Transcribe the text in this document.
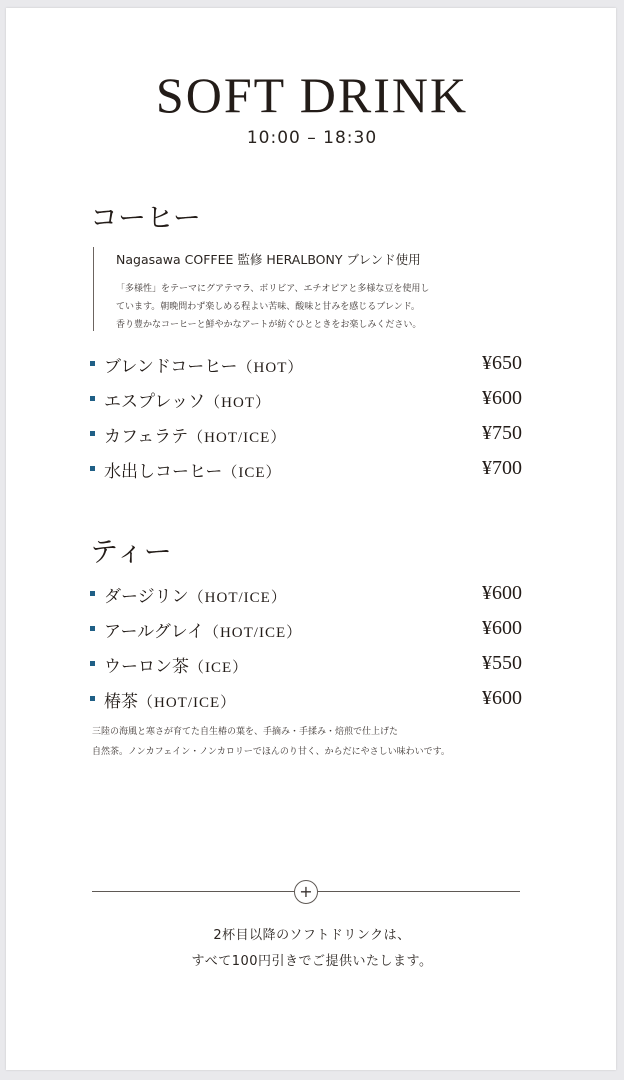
SOFT DRINK
10:00 – 18:30
コーヒー
Nagasawa COFFEE 監修 HERALBONY ブレンド使用
「多様性」をテーマにグアテマラ、ボリビア、エチオピアと多様な豆を使用し
ています。朝晩問わず楽しめる程よい苦味、酸味と甘みを感じるブレンド。
香り豊かなコーヒーと鮮やかなアートが紡ぐひとときをお楽しみください。
ブレンドコーヒー（HOT）	¥650
エスプレッソ（HOT）	¥600
カフェラテ（HOT/ICE）	¥750
水出しコーヒー（ICE）	¥700
ティー
ダージリン（HOT/ICE）	¥600
アールグレイ（HOT/ICE）	¥600
ウーロン茶（ICE）	¥550
椿茶（HOT/ICE）	¥600
三陸の海風と寒さが育てた自生椿の葉を、手摘み・手揉み・焙煎で仕上げた
自然茶。ノンカフェイン・ノンカロリーでほんのり甘く、からだにやさしい味わいです。
+
2杯目以降のソフトドリンクは、
すべて100円引きでご提供いたします。
